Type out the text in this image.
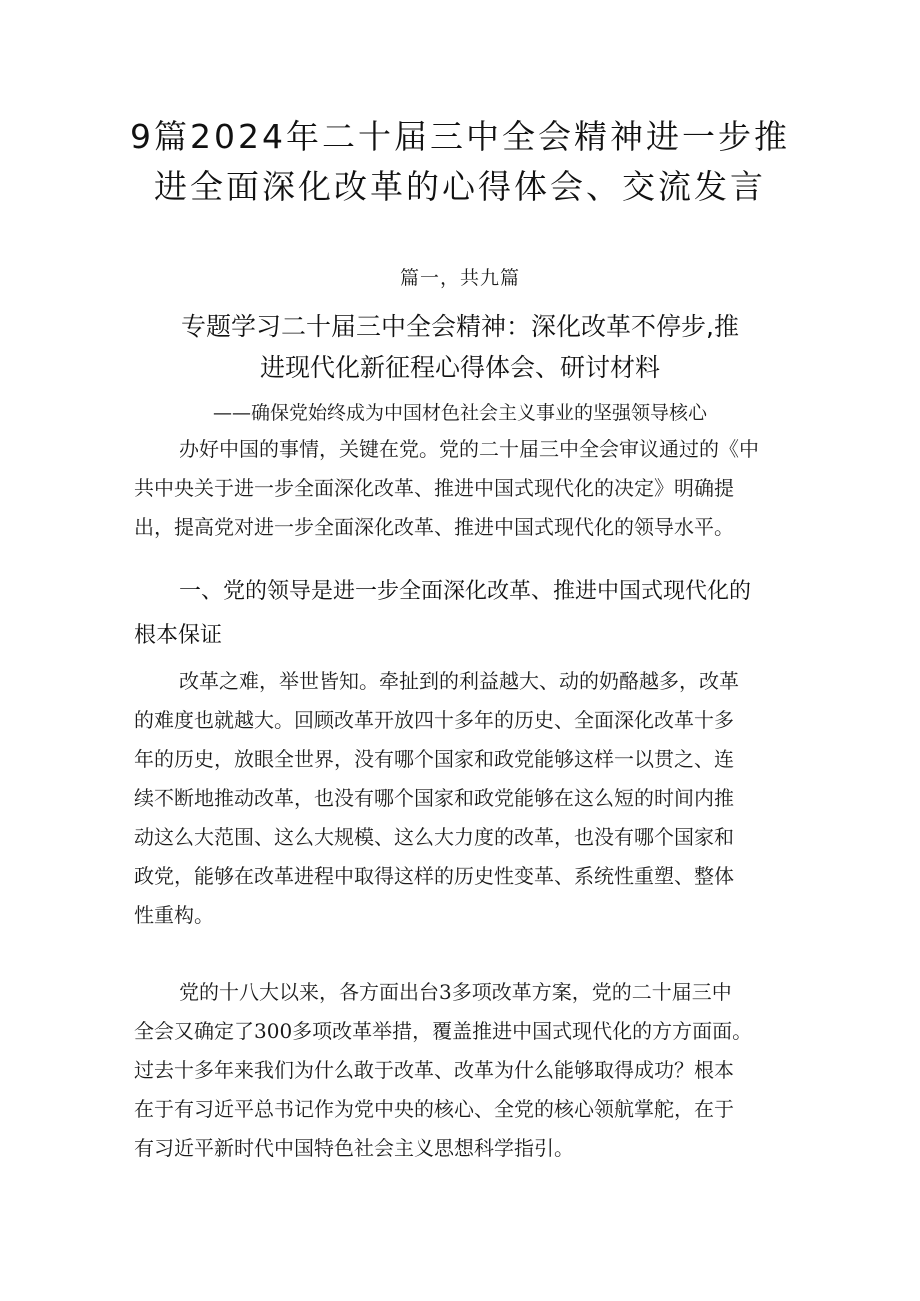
9篇2024年二十届三中全会精神进一步推
进全面深化改革的心得体会、交流发言
篇一，共九篇
专题学习二十届三中全会精神：深化改革不停步,推
进现代化新征程心得体会、研讨材料
——确保党始终成为中国材色社会主义事业的坚强领导核心

办好中国的事情，关键在党。党的二十届三中全会审议通过的《中
共中央关于进一步全面深化改革、推进中国式现代化的决定》明确提
出，提高党对进一步全面深化改革、推进中国式现代化的领导水平。

一、党的领导是进一步全面深化改革、推进中国式现代化的
根本保证

改革之难，举世皆知。牵扯到的利益越大、动的奶酪越多，改革
的难度也就越大。回顾改革开放四十多年的历史、全面深化改革十多
年的历史，放眼全世界，没有哪个国家和政党能够这样一以贯之、连
续不断地推动改革，也没有哪个国家和政党能够在这么短的时间内推
动这么大范围、这么大规模、这么大力度的改革，也没有哪个国家和
政党，能够在改革进程中取得这样的历史性变革、系统性重塑、整体
性重构。

党的十八大以来，各方面出台3多项改革方案，党的二十届三中
全会又确定了300多项改革举措，覆盖推进中国式现代化的方方面面。
过去十多年来我们为什么敢于改革、改革为什么能够取得成功？根本
在于有习近平总书记作为党中央的核心、全党的核心领航掌舵，在于
有习近平新时代中国特色社会主义思想科学指引。
